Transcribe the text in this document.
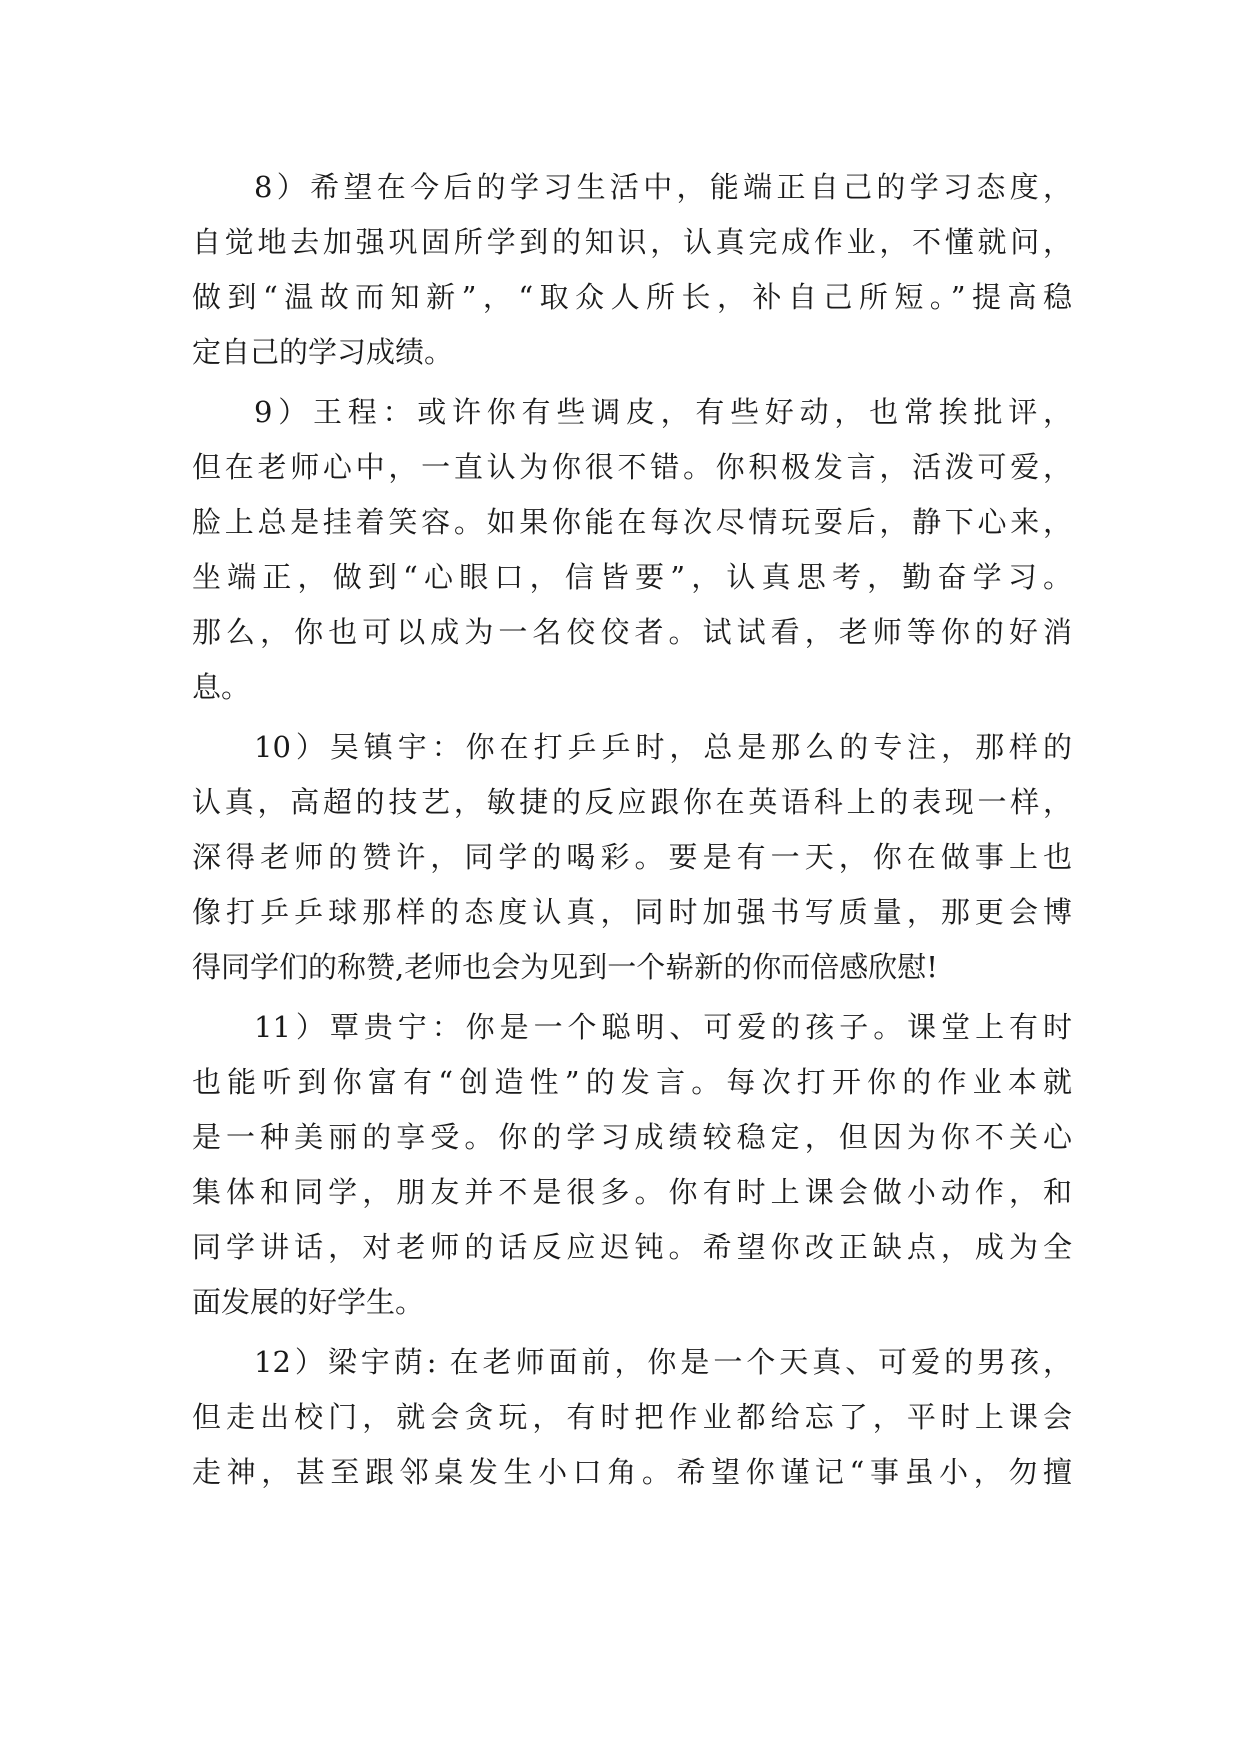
8）希望在今后的学习生活中，能端正自己的学习态度，
自觉地去加强巩固所学到的知识，认真完成作业，不懂就问，
做到“温故而知新”，“取众人所长，补自己所短。”提高稳
定自己的学习成绩。
9）王程：或许你有些调皮，有些好动，也常挨批评，
但在老师心中，一直认为你很不错。你积极发言，活泼可爱，
脸上总是挂着笑容。如果你能在每次尽情玩耍后，静下心来，
坐端正，做到“心眼口，信皆要”，认真思考，勤奋学习。
那么，你也可以成为一名佼佼者。试试看，老师等你的好消
息。
10）吴镇宇：你在打乒乒时，总是那么的专注，那样的
认真，高超的技艺，敏捷的反应跟你在英语科上的表现一样，
深得老师的赞许，同学的喝彩。要是有一天，你在做事上也
像打乒乒球那样的态度认真，同时加强书写质量，那更会博
得同学们的称赞,老师也会为见到一个崭新的你而倍感欣慰!
11）覃贵宁：你是一个聪明、可爱的孩子。课堂上有时
也能听到你富有“创造性”的发言。每次打开你的作业本就
是一种美丽的享受。你的学习成绩较稳定，但因为你不关心
集体和同学，朋友并不是很多。你有时上课会做小动作，和
同学讲话，对老师的话反应迟钝。希望你改正缺点，成为全
面发展的好学生。
12）梁宇荫: 在老师面前，你是一个天真、可爱的男孩，
但走出校门，就会贪玩，有时把作业都给忘了，平时上课会
走神，甚至跟邻桌发生小口角。希望你谨记“事虽小，勿擅
